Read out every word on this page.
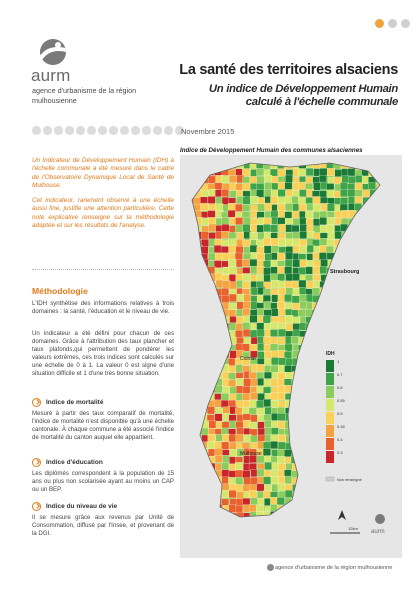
aurm
agence d'urbanisme de la région mulhousienne
La santé des territoires alsaciens
Un indice de Développement Humain
calculé à l'échelle communale
Novembre 2015
Indice de Développement Humain des communes alsaciennes

Un Indicateur de Développement Humain (IDH) à l'échelle communale a été mesuré dans le cadre de l'Observatoire Dynamique Local de Santé de Mulhouse.

Cet indicateur, rarement observé à une échelle aussi fine, justifie une attention particulière. Cette note explicative renseigne sur la méthodologie adaptée et sur les résultats de l'analyse.

Méthodologie
L'IDH synthétise des informations relatives à trois domaines : la santé, l'éducation et le niveau de vie.
Un indicateur a été défini pour chacun de ces domaines. Grâce à l'attribution des taux plancher et taux plafonds,qui permettent de pondérer les valeurs extrêmes, ces trois indices sont calculés sur une échelle de 0 à 1. La valeur 0 est signe d'une situation difficile et 1 d'une très bonne situation.
Indice de mortalité
Mesuré à partir des taux comparatif de mortalité, l'indice de mortalité n'est disponible qu'à une échelle cantonale. À chaque commune a été associé l'indice de mortalité du canton auquel elle appartient.
Indice d'éducation
Les diplômés correspondent à la population de 15 ans ou plus non scolarisée ayant au moins un CAP ou un BEP.
Indice du niveau de vie
Il se mesure grâce aux revenus par Unité de Consommation, diffusé par l'Insee, et provenant de la DGI.
Strasbourg
Colmar
Mulhouse
IDH
1
0.7
0.6
0.55
0.5
0.45
0.4
0.3
Non renseigné
12km
aurm
agence d'urbanisme de la région mulhousienne
